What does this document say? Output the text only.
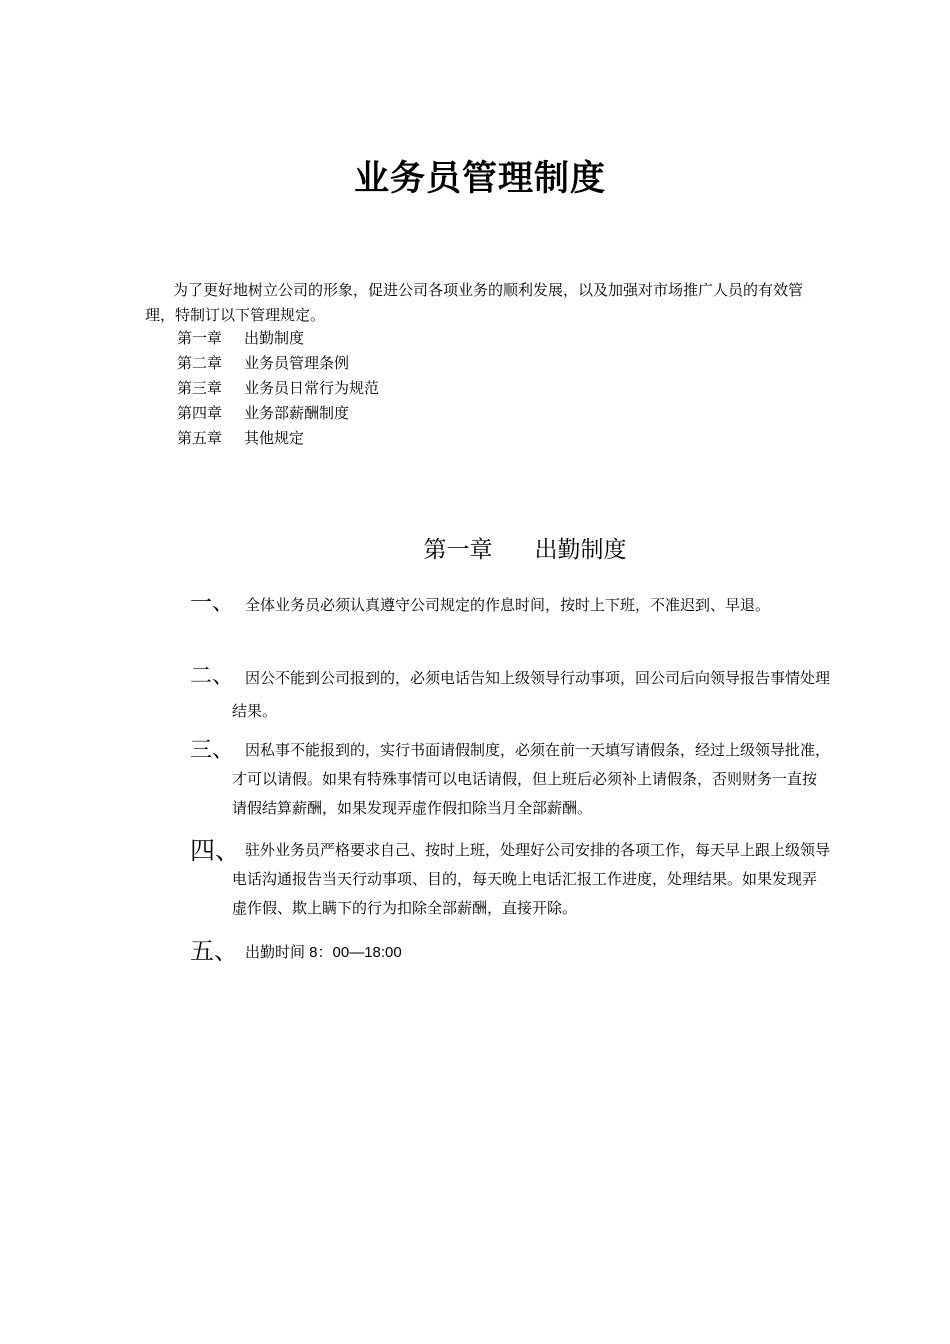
业务员管理制度

为了更好地树立公司的形象，促进公司各项业务的顺利发展，以及加强对市场推广人员的有效管理，特制订以下管理规定。

第一章 出勤制度
第二章 业务员管理条例
第三章 业务员日常行为规范
第四章 业务部薪酬制度
第五章 其他规定
第一章 出勤制度
一、 全体业务员必须认真遵守公司规定的作息时间，按时上下班，不准迟到、早退。

二、 因公不能到公司报到的，必须电话告知上级领导行动事项，回公司后向领导报告事情处理结果。

三、 因私事不能报到的，实行书面请假制度，必须在前一天填写请假条，经过上级领导批准，才可以请假。如果有特殊事情可以电话请假，但上班后必须补上请假条，否则财务一直按请假结算薪酬，如果发现弄虚作假扣除当月全部薪酬。

四、 驻外业务员严格要求自己、按时上班，处理好公司安排的各项工作，每天早上跟上级领导电话沟通报告当天行动事项、目的，每天晚上电话汇报工作进度，处理结果。如果发现弄虚作假、欺上瞒下的行为扣除全部薪酬，直接开除。

五、 出勤时间 8：00—18:00
